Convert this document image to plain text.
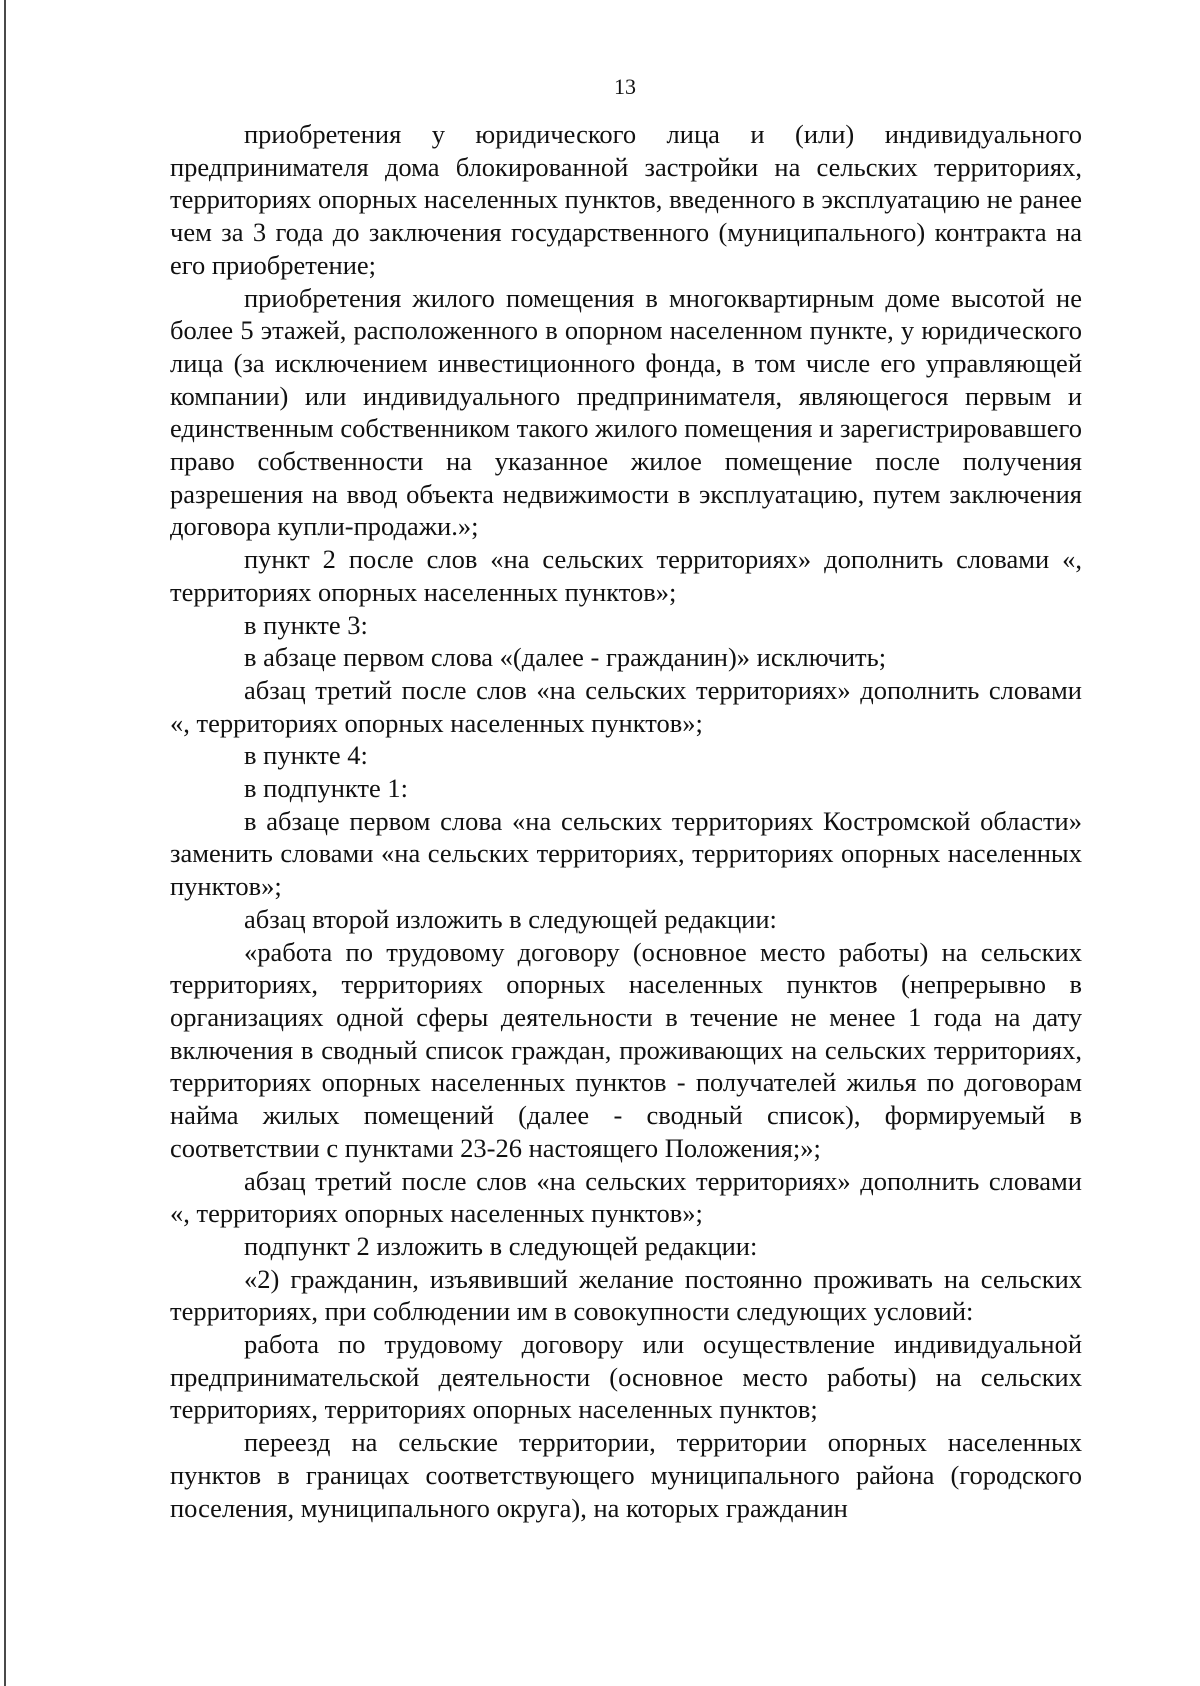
13

приобретения у юридического лица и (или) индивидуального предпринимателя дома блокированной застройки на сельских территориях, территориях опорных населенных пунктов, введенного в эксплуатацию не ранее чем за 3 года до заключения государственного (муниципального) контракта на его приобретение;

приобретения жилого помещения в многоквартирным доме высотой не более 5 этажей, расположенного в опорном населенном пункте, у юридического лица (за исключением инвестиционного фонда, в том числе его управляющей компании) или индивидуального предпринимателя, являющегося первым и единственным собственником такого жилого помещения и зарегистрировавшего право собственности на указанное жилое помещение после получения разрешения на ввод объекта недвижимости в эксплуатацию, путем заключения договора купли-продажи.»;

пункт 2 после слов «на сельских территориях» дополнить словами «, территориях опорных населенных пунктов»;

в пункте 3:

в абзаце первом слова «(далее - гражданин)» исключить;

абзац третий после слов «на сельских территориях» дополнить словами «, территориях опорных населенных пунктов»;

в пункте 4:

в подпункте 1:

в абзаце первом слова «на сельских территориях Костромской области» заменить словами «на сельских территориях, территориях опорных населенных пунктов»;

абзац второй изложить в следующей редакции:

«работа по трудовому договору (основное место работы) на сельских территориях, территориях опорных населенных пунктов (непрерывно в организациях одной сферы деятельности в течение не менее 1 года на дату включения в сводный список граждан, проживающих на сельских территориях, территориях опорных населенных пунктов - получателей жилья по договорам найма жилых помещений (далее - сводный список), формируемый в соответствии с пунктами 23-26 настоящего Положения;»;

абзац третий после слов «на сельских территориях» дополнить словами «, территориях опорных населенных пунктов»;

подпункт 2 изложить в следующей редакции:

«2) гражданин, изъявивший желание постоянно проживать на сельских территориях, при соблюдении им в совокупности следующих условий:

работа по трудовому договору или осуществление индивидуальной предпринимательской деятельности (основное место работы) на сельских территориях, территориях опорных населенных пунктов;

переезд на сельские территории, территории опорных населенных пунктов в границах соответствующего муниципального района (городского поселения, муниципального округа), на которых гражданин
